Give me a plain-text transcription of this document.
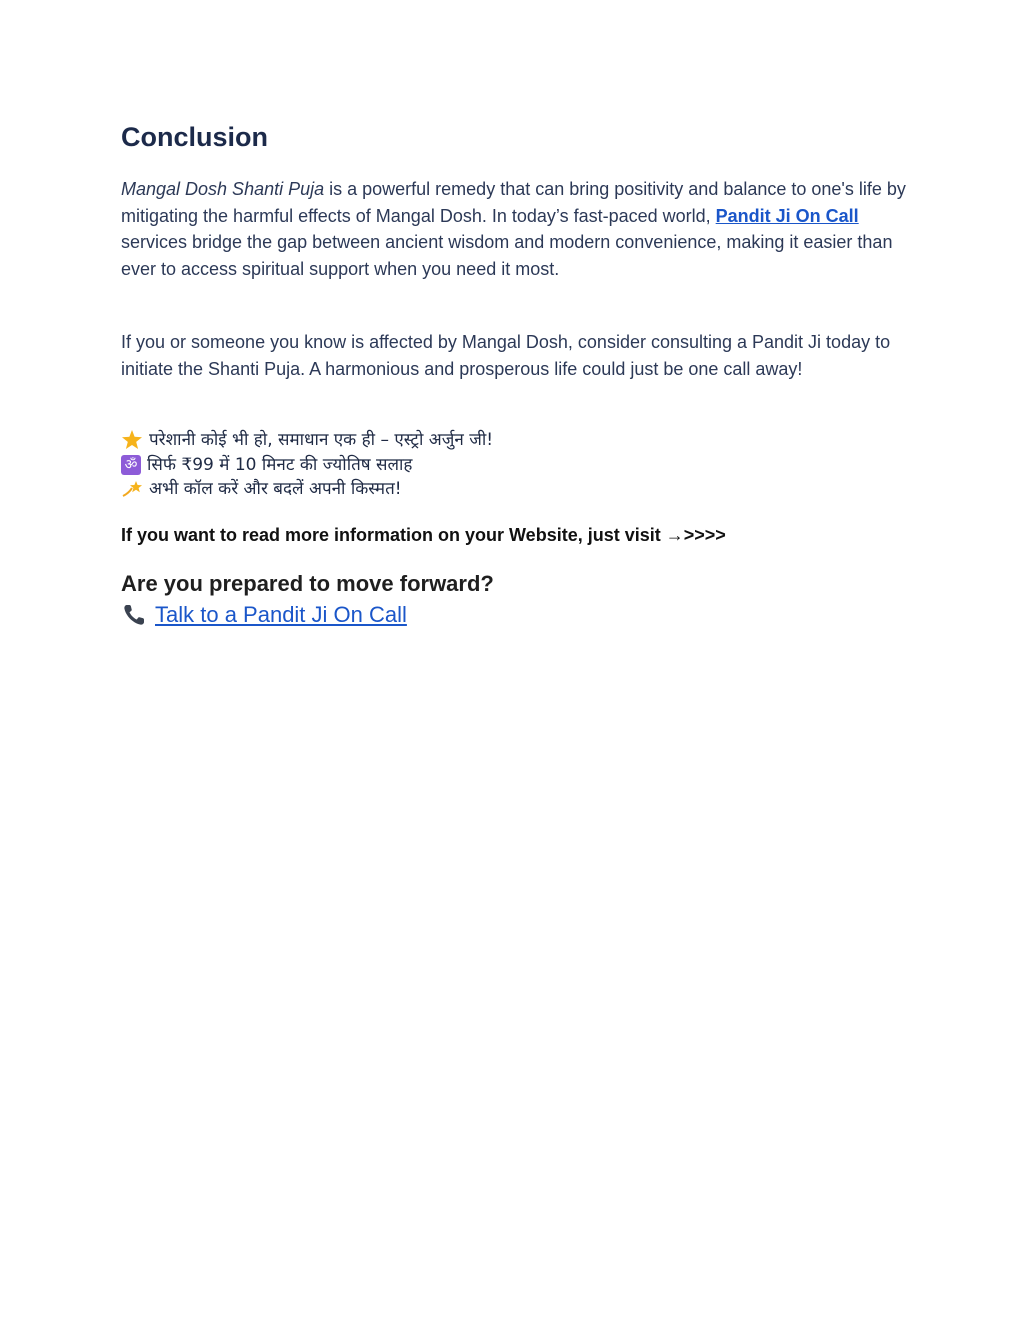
Conclusion

Mangal Dosh Shanti Puja is a powerful remedy that can bring positivity and balance to one's life by mitigating the harmful effects of Mangal Dosh. In today’s fast-paced world, Pandit Ji On Call services bridge the gap between ancient wisdom and modern convenience, making it easier than ever to access spiritual support when you need it most.

If you or someone you know is affected by Mangal Dosh, consider consulting a Pandit Ji today to initiate the Shanti Puja. A harmonious and prosperous life could just be one call away!

परेशानी कोई भी हो, समाधान एक ही – एस्ट्रो अर्जुन जी!
ॐ सिर्फ ₹99 में 10 मिनट की ज्योतिष सलाह
अभी कॉल करें और बदलें अपनी किस्मत!

If you want to read more information on your Website, just visit →>>>>

Are you prepared to move forward?
Talk to a Pandit Ji On Call
